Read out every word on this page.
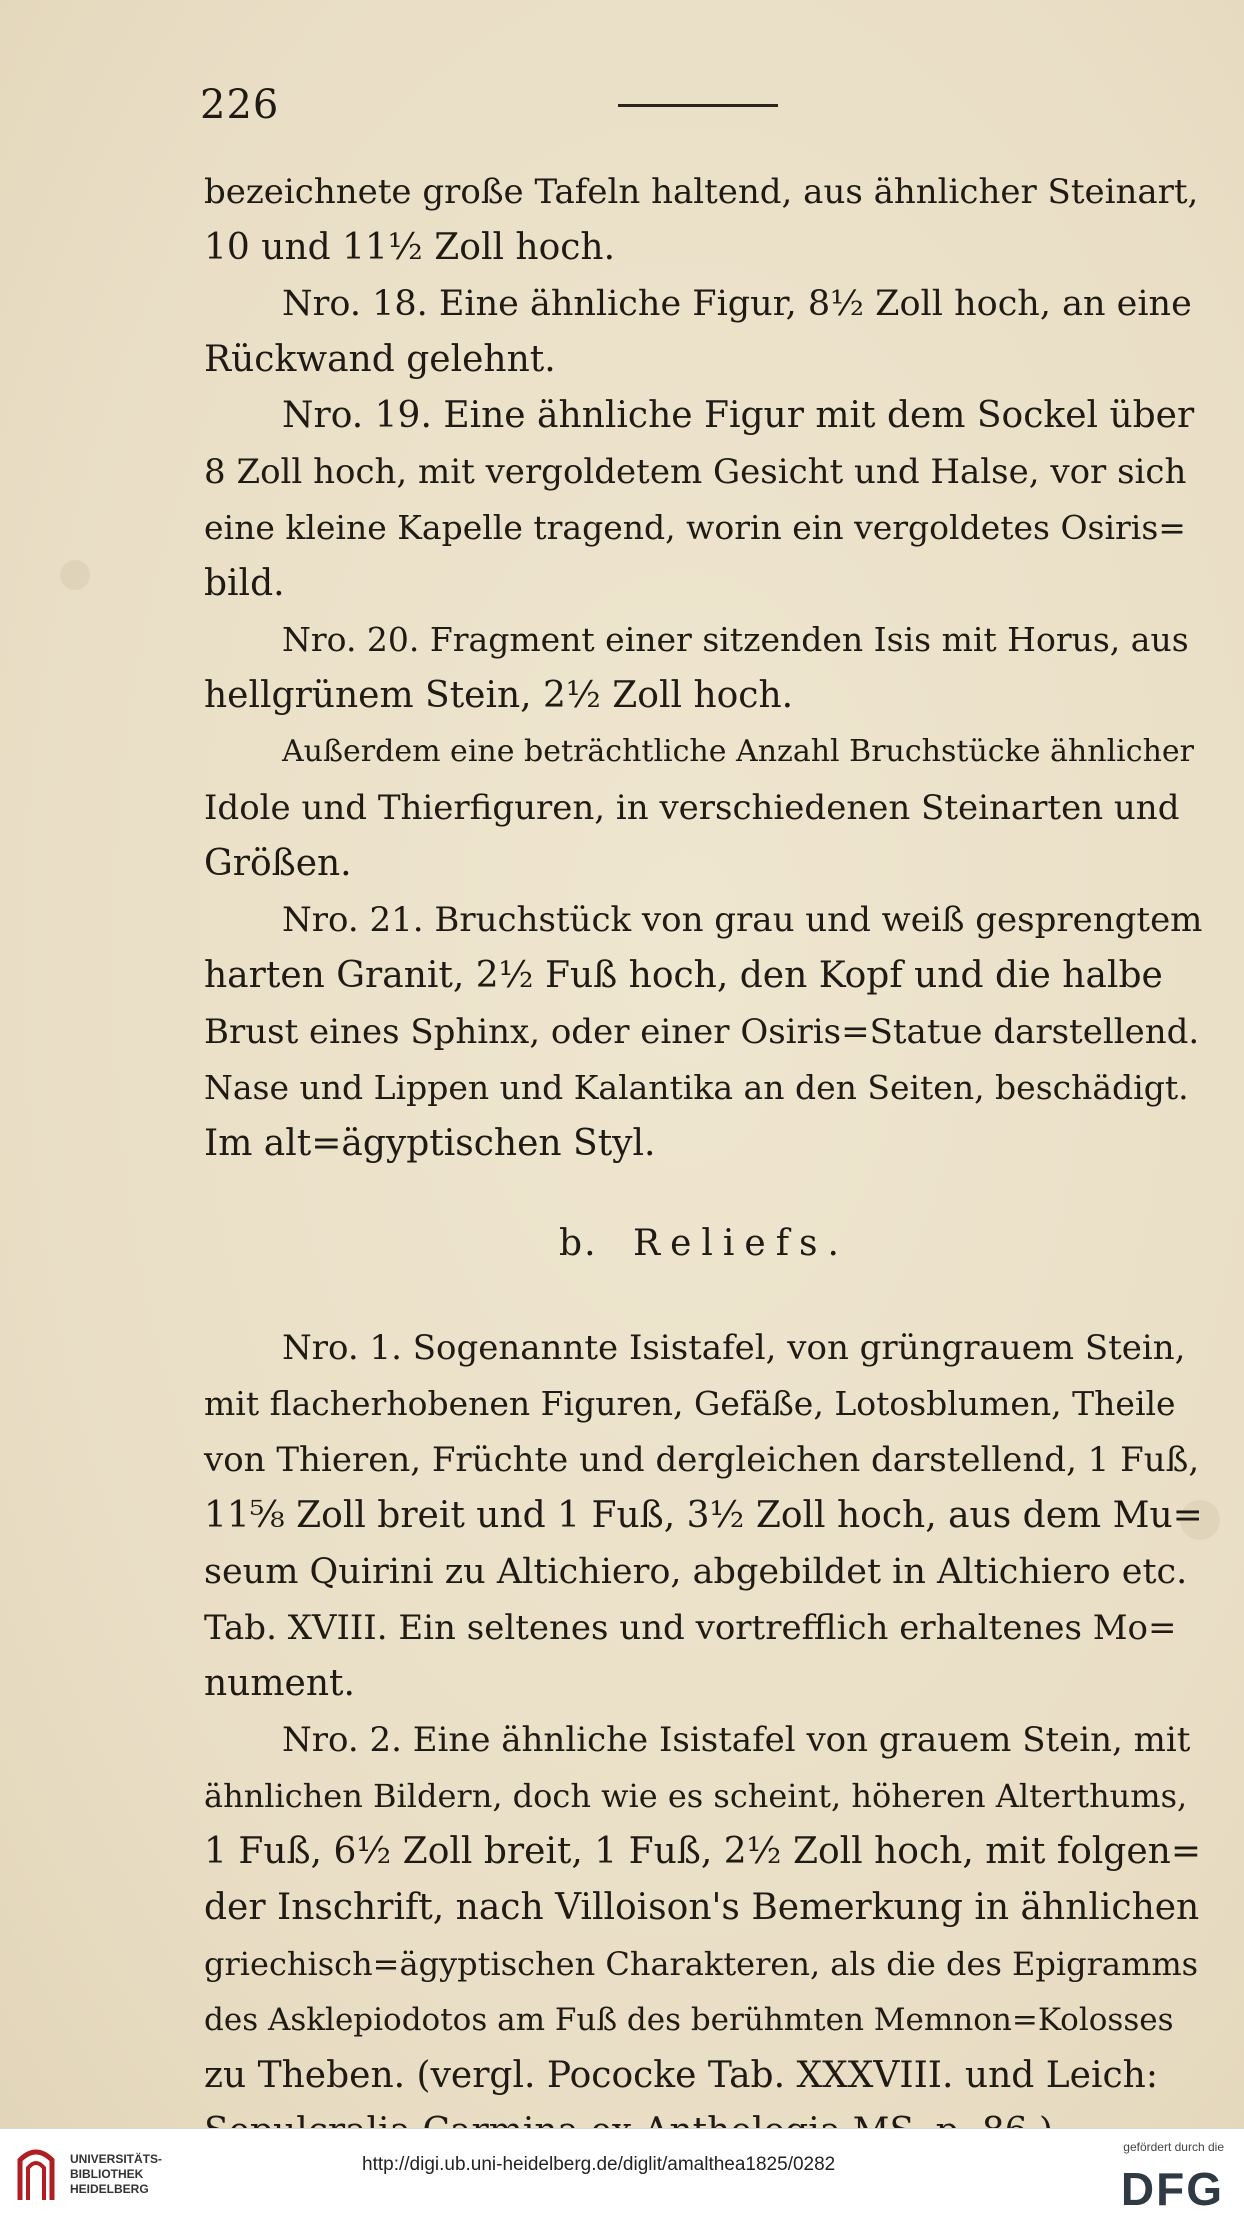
226
bezeichnete große Tafeln haltend, aus ähnlicher Steinart,
10 und 11½ Zoll hoch.
Nro. 18. Eine ähnliche Figur, 8½ Zoll hoch, an eine
Rückwand gelehnt.
Nro. 19. Eine ähnliche Figur mit dem Sockel über
8 Zoll hoch, mit vergoldetem Gesicht und Halse, vor sich
eine kleine Kapelle tragend, worin ein vergoldetes Osiris=
bild.
Nro. 20. Fragment einer sitzenden Isis mit Horus, aus
hellgrünem Stein, 2½ Zoll hoch.
Außerdem eine beträchtliche Anzahl Bruchstücke ähnlicher
Idole und Thierfiguren, in verschiedenen Steinarten und
Größen.
Nro. 21. Bruchstück von grau und weiß gesprengtem
harten Granit, 2½ Fuß hoch, den Kopf und die halbe
Brust eines Sphinx, oder einer Osiris=Statue darstellend.
Nase und Lippen und Kalantika an den Seiten, beschädigt.
Im alt=ägyptischen Styl.
b. Reliefs.
Nro. 1. Sogenannte Isistafel, von grüngrauem Stein,
mit flacherhobenen Figuren, Gefäße, Lotosblumen, Theile
von Thieren, Früchte und dergleichen darstellend, 1 Fuß,
11⅝ Zoll breit und 1 Fuß, 3½ Zoll hoch, aus dem Mu=
seum Quirini zu Altichiero, abgebildet in Altichiero etc.
Tab. XVIII. Ein seltenes und vortrefflich erhaltenes Mo=
nument.
Nro. 2. Eine ähnliche Isistafel von grauem Stein, mit
ähnlichen Bildern, doch wie es scheint, höheren Alterthums,
1 Fuß, 6½ Zoll breit, 1 Fuß, 2½ Zoll hoch, mit folgen=
der Inschrift, nach Villoison's Bemerkung in ähnlichen
griechisch=ägyptischen Charakteren, als die des Epigramms
des Asklepiodotos am Fuß des berühmten Memnon=Kolosses
zu Theben. (vergl. Pococke Tab. XXXVIII. und Leich:
UNIVERSITÄTS-
BIBLIOTHEK
HEIDELBERG
http://digi.ub.uni-heidelberg.de/diglit/amalthea1825/0282
gefördert durch die
DFG
